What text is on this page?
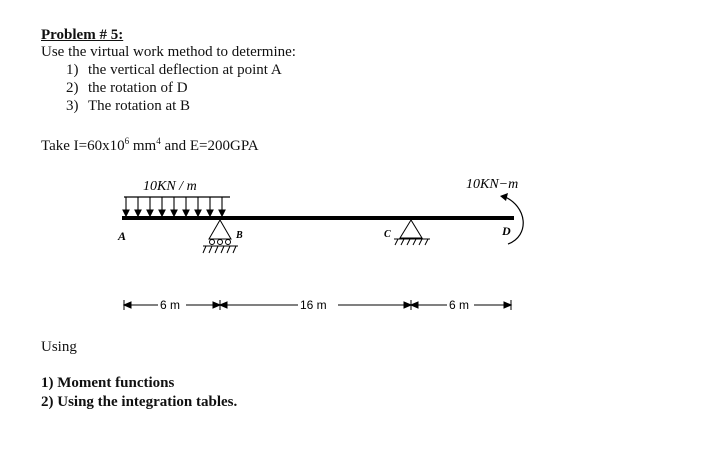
Problem # 5:
Use the virtual work method to determine:
1) the vertical deflection at point A
2) the rotation of D
3) The rotation at B
Take $I=60x10^6$ $mm^4$ and E=200GPA
10KN / m
A	B	C
10KN−m
D
6 m	16 m	6 m
Using
1) Moment functions
2) Using the integration tables.
